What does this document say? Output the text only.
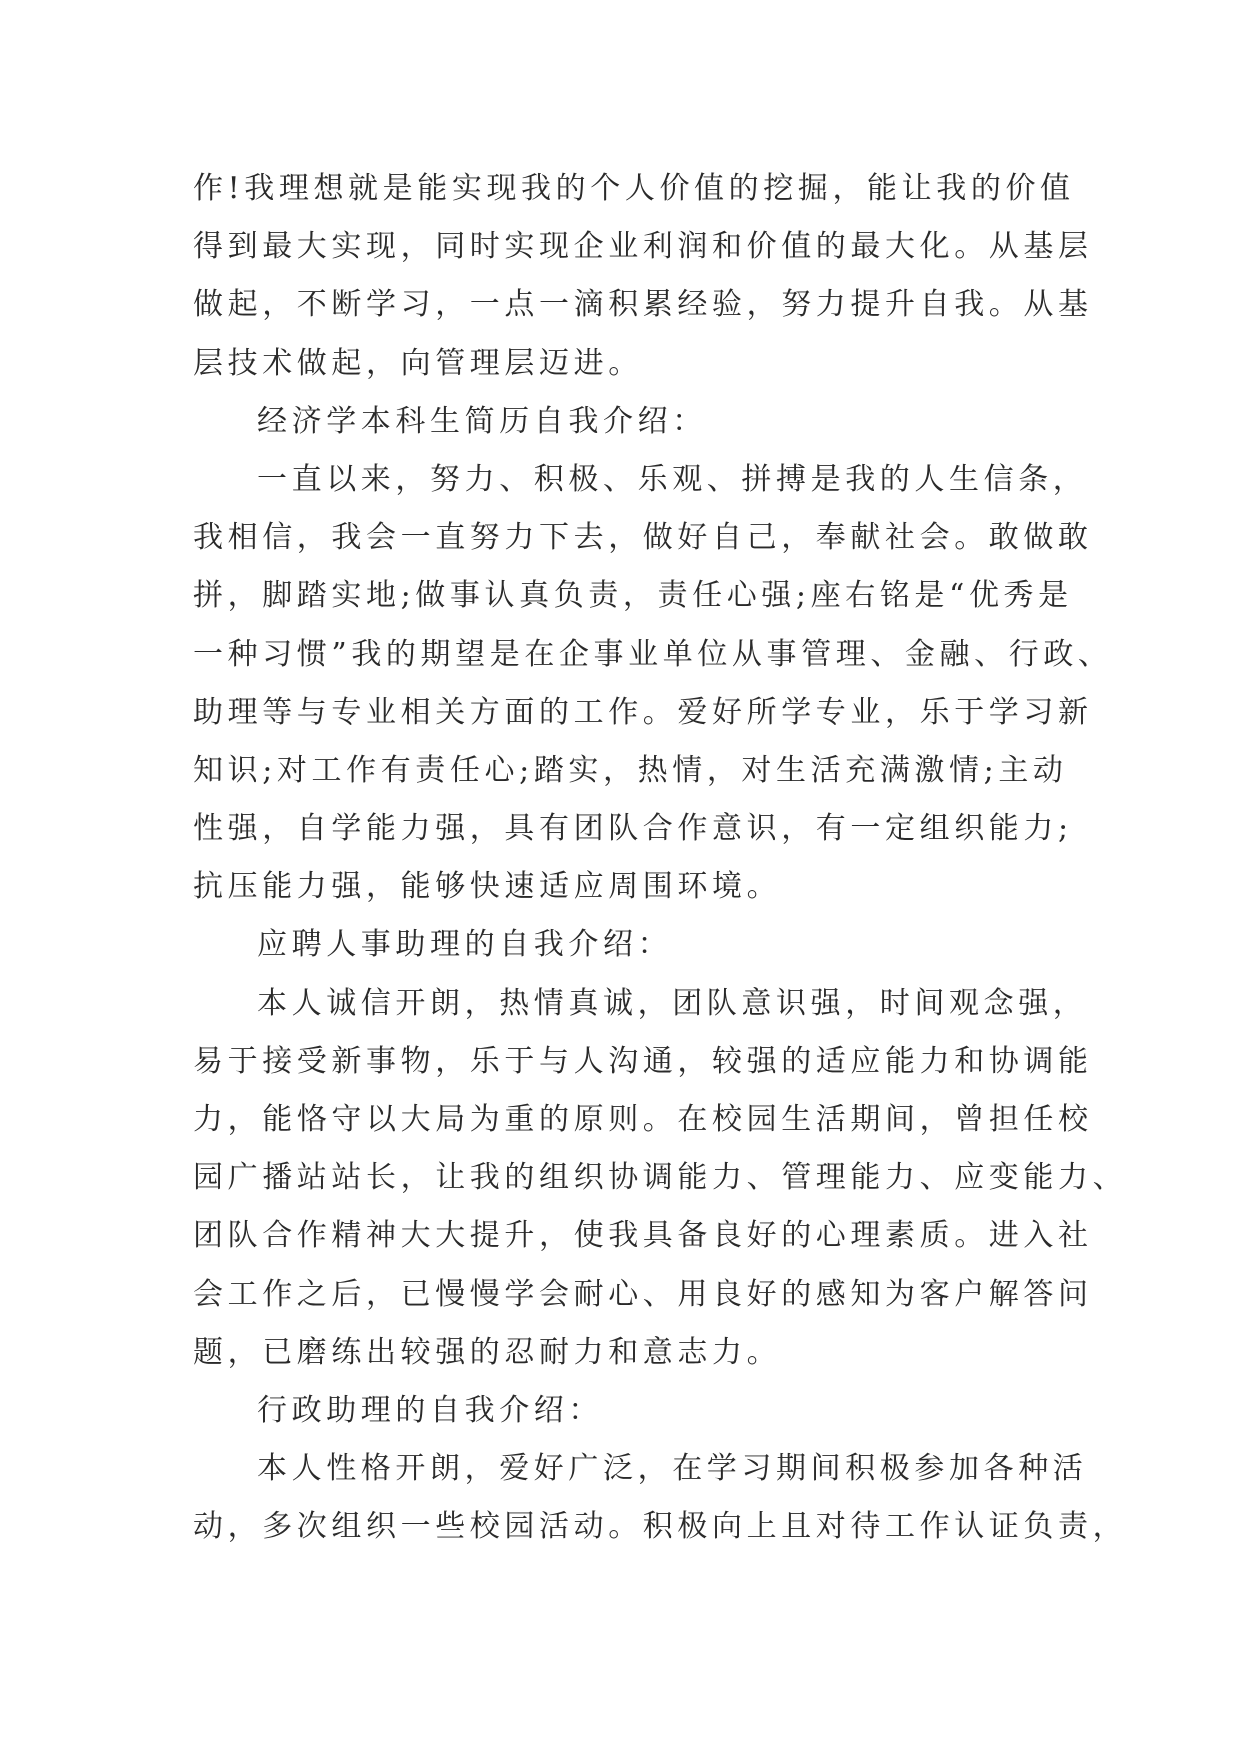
作!我理想就是能实现我的个人价值的挖掘，能让我的价值
得到最大实现，同时实现企业利润和价值的最大化。从基层
做起，不断学习，一点一滴积累经验，努力提升自我。从基
层技术做起，向管理层迈进。
经济学本科生简历自我介绍：
一直以来，努力、积极、乐观、拼搏是我的人生信条，
我相信，我会一直努力下去，做好自己，奉献社会。敢做敢
拼，脚踏实地;做事认真负责，责任心强;座右铭是“优秀是
一种习惯”我的期望是在企事业单位从事管理、金融、行政、
助理等与专业相关方面的工作。爱好所学专业，乐于学习新
知识;对工作有责任心;踏实，热情，对生活充满激情;主动
性强，自学能力强，具有团队合作意识，有一定组织能力;
抗压能力强，能够快速适应周围环境。
应聘人事助理的自我介绍：
本人诚信开朗，热情真诚，团队意识强，时间观念强，
易于接受新事物，乐于与人沟通，较强的适应能力和协调能
力，能恪守以大局为重的原则。在校园生活期间，曾担任校
园广播站站长，让我的组织协调能力、管理能力、应变能力、
团队合作精神大大提升，使我具备良好的心理素质。进入社
会工作之后，已慢慢学会耐心、用良好的感知为客户解答问
题，已磨练出较强的忍耐力和意志力。
行政助理的自我介绍：
本人性格开朗，爱好广泛，在学习期间积极参加各种活
动，多次组织一些校园活动。积极向上且对待工作认证负责，
